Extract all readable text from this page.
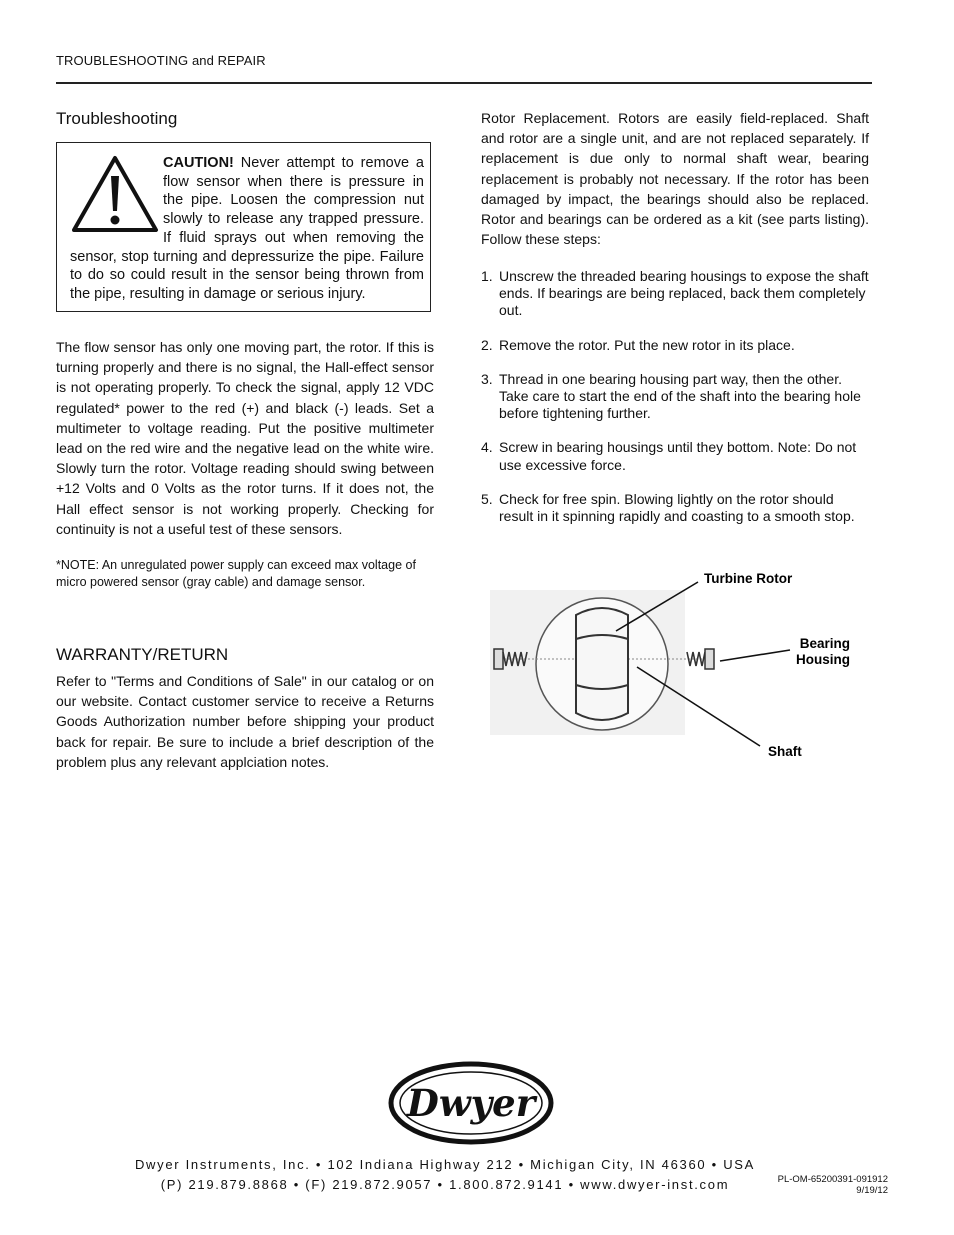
TROUBLESHOOTING and REPAIR
Troubleshooting
CAUTION! Never attempt to remove a flow sensor when there is pressure in the pipe. Loosen the compression nut slowly to release any trapped pressure. If fluid sprays out when removing the sensor, stop turning and depressurize the pipe. Failure to do so could result in the sensor being thrown from the pipe, resulting in damage or serious injury.
The flow sensor has only one moving part, the rotor. If this is turning properly and there is no signal, the Hall-effect sensor is not operating properly. To check the signal, apply 12 VDC regulated* power to the red (+) and black (-) leads. Set a multimeter to voltage reading. Put the positive multimeter lead on the red wire and the negative lead on the white wire. Slowly turn the rotor. Voltage reading should swing between +12 Volts and 0 Volts as the rotor turns. If it does not, the Hall effect sensor is not working properly. Checking for continuity is not a useful test of these sensors.
*NOTE: An unregulated power supply can exceed max voltage of micro powered sensor (gray cable) and damage sensor.
WARRANTY/RETURN
Refer to "Terms and Conditions of Sale" in our catalog or on our website. Contact customer service to receive a Returns Goods Authorization number before shipping your product back for repair. Be sure to include a brief description of the problem plus any relevant applciation notes.
Rotor Replacement. Rotors are easily field-replaced. Shaft and rotor are a single unit, and are not replaced separately. If replacement is due only to normal shaft wear, bearing replacement is probably not necessary. If the rotor has been damaged by impact, the bearings should also be replaced. Rotor and bearings can be ordered as a kit (see parts listing). Follow these steps:
1. Unscrew the threaded bearing housings to expose the shaft ends. If bearings are being replaced, back them completely out.
2. Remove the rotor. Put the new rotor in its place.
3. Thread in one bearing housing part way, then the other. Take care to start the end of the shaft into the bearing hole before tightening further.
4. Screw in bearing housings until they bottom. Note: Do not use excessive force.
5. Check for free spin. Blowing lightly on the rotor should result in it spinning rapidly and coasting to a smooth stop.
Turbine Rotor
Bearing
Housing
Shaft
Dwyer
Dwyer Instruments, Inc. • 102 Indiana Highway 212 • Michigan City, IN 46360 • USA
(P) 219.879.8868 • (F) 219.872.9057 • 1.800.872.9141 • www.dwyer-inst.com	PL-OM-65200391-091912
9/19/12
